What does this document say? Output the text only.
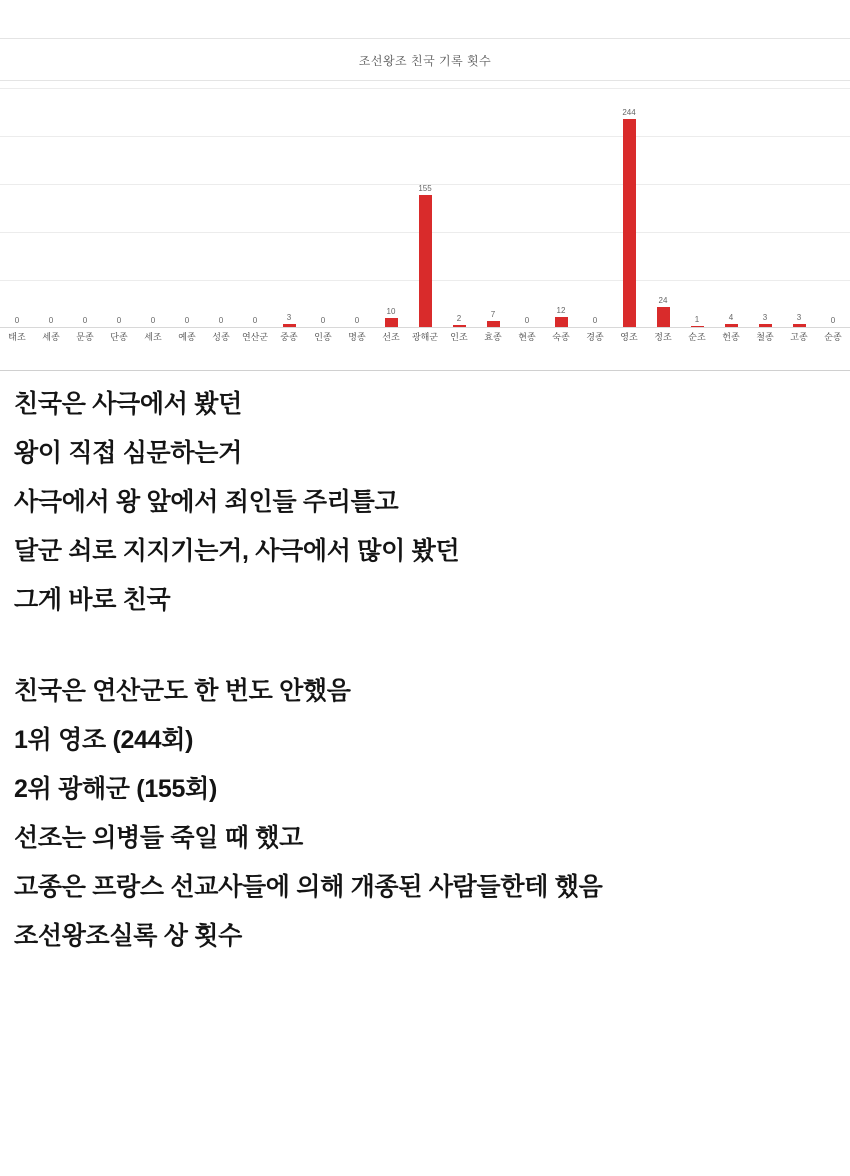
조선왕조 친국 기록 횟수
0	0	0	0	0	0	0	0	3	0	0
10
155
2	7
0
12
0
244
24
1	4	3	3	0
태조	세종	문종	단종	세조	예종	성종	연산군	중종	인종	명종	선조	광해군	인조	효종	현종	숙종	경종	영조	정조	순조	헌종	철종	고종	순종

친국은 사극에서 봤던

왕이 직접 심문하는거

사극에서 왕 앞에서 죄인들 주리틀고

달군 쇠로 지지기는거, 사극에서 많이 봤던

그게 바로 친국

친국은 연산군도 한 번도 안했음

1위 영조 (244회)

2위 광해군 (155회)

선조는 의병들 죽일 때 했고

고종은 프랑스 선교사들에 의해 개종된 사람들한테 했음

조선왕조실록 상 횟수
